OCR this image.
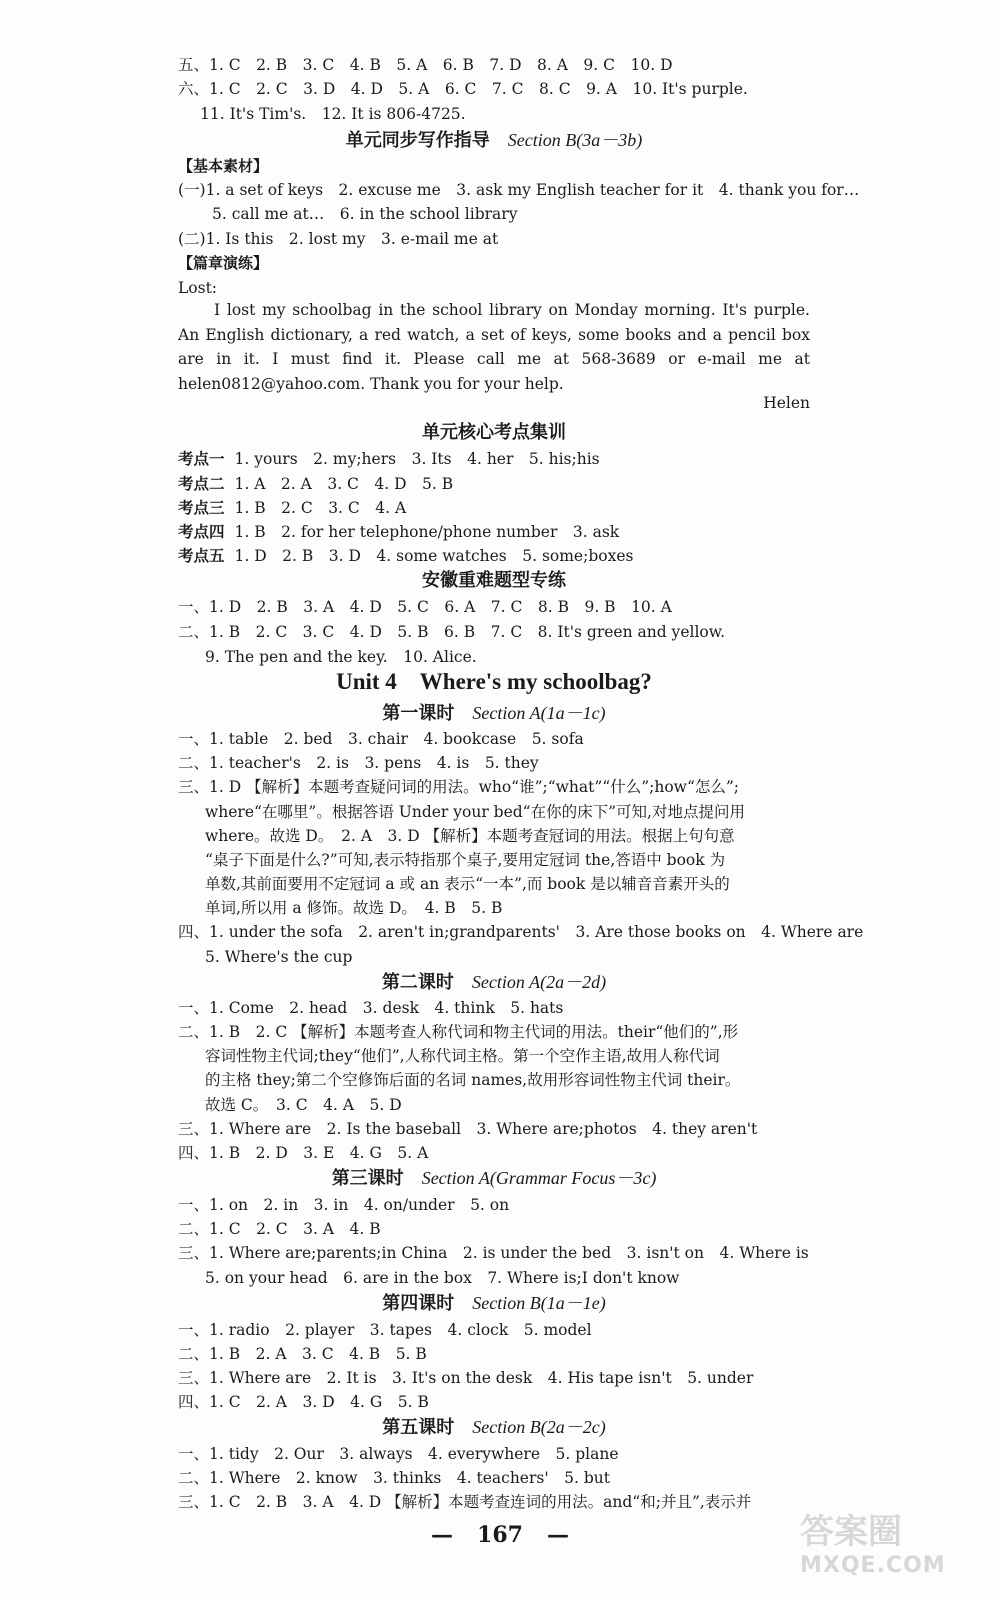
五、1. C　2. B　3. C　4. B　5. A　6. B　7. D　8. A　9. C　10. D
六、1. C　2. C　3. D　4. D　5. A　6. C　7. C　8. C　9. A　10. It's purple.
11. It's Tim's.　12. It is 806-4725.
单元同步写作指导 Section B(3a－3b)
【基本素材】
(一)1. a set of keys　2. excuse me　3. ask my English teacher for it　4. thank you for…
5. call me at…　6. in the school library
(二)1. Is this　2. lost my　3. e-mail me at
【篇章演练】
Lost:
I lost my schoolbag in the school library on Monday morning. It's purple. An English dictionary, a red watch, a set of keys, some books and a pencil box are in it. I must find it. Please call me at 568-3689 or e-mail me at helen0812@yahoo.com. Thank you for your help.
Helen
单元核心考点集训
考点一 1. yours　2. my;hers　3. Its　4. her　5. his;his
考点二 1. A　2. A　3. C　4. D　5. B
考点三 1. B　2. C　3. C　4. A
考点四 1. B　2. for her telephone/phone number　3. ask
考点五 1. D　2. B　3. D　4. some watches　5. some;boxes
安徽重难题型专练
一、1. D　2. B　3. A　4. D　5. C　6. A　7. C　8. B　9. B　10. A
二、1. B　2. C　3. C　4. D　5. B　6. B　7. C　8. It's green and yellow.
9. The pen and the key.　10. Alice.
Unit 4　Where's my schoolbag?
第一课时 Section A(1a－1c)
一、1. table　2. bed　3. chair　4. bookcase　5. sofa
二、1. teacher's　2. is　3. pens　4. is　5. they
三、1. D 【解析】本题考查疑问词的用法。who“谁”;“what”“什么”;how“怎么”;
where“在哪里”。根据答语 Under your bed“在你的床下”可知,对地点提问用
where。故选 D。　2. A　3. D 【解析】本题考查冠词的用法。根据上句句意
“桌子下面是什么?”可知,表示特指那个桌子,要用定冠词 the,答语中 book 为
单数,其前面要用不定冠词 a 或 an 表示“一本”,而 book 是以辅音音素开头的
单词,所以用 a 修饰。故选 D。　4. B　5. B
四、1. under the sofa　2. aren't in;grandparents'　3. Are those books on　4. Where are
5. Where's the cup
第二课时 Section A(2a－2d)
一、1. Come　2. head　3. desk　4. think　5. hats
二、1. B　2. C 【解析】本题考查人称代词和物主代词的用法。their“他们的”,形
容词性物主代词;they“他们”,人称代词主格。第一个空作主语,故用人称代词
的主格 they;第二个空修饰后面的名词 names,故用形容词性物主代词 their。
故选 C。　3. C　4. A　5. D
三、1. Where are　2. Is the baseball　3. Where are;photos　4. they aren't
四、1. B　2. D　3. E　4. G　5. A
第三课时 Section A(Grammar Focus－3c)
一、1. on　2. in　3. in　4. on/under　5. on
二、1. C　2. C　3. A　4. B
三、1. Where are;parents;in China　2. is under the bed　3. isn't on　4. Where is
5. on your head　6. are in the box　7. Where is;I don't know
第四课时 Section B(1a－1e)
一、1. radio　2. player　3. tapes　4. clock　5. model
二、1. B　2. A　3. C　4. B　5. B
三、1. Where are　2. It is　3. It's on the desk　4. His tape isn't　5. under
四、1. C　2. A　3. D　4. G　5. B
第五课时 Section B(2a－2c)
一、1. tidy　2. Our　3. always　4. everywhere　5. plane
二、1. Where　2. know　3. thinks　4. teachers'　5. but
三、1. C　2. B　3. A　4. D 【解析】本题考查连词的用法。and“和;并且”,表示并
— 167 —	答案圈
MXQE.COM
